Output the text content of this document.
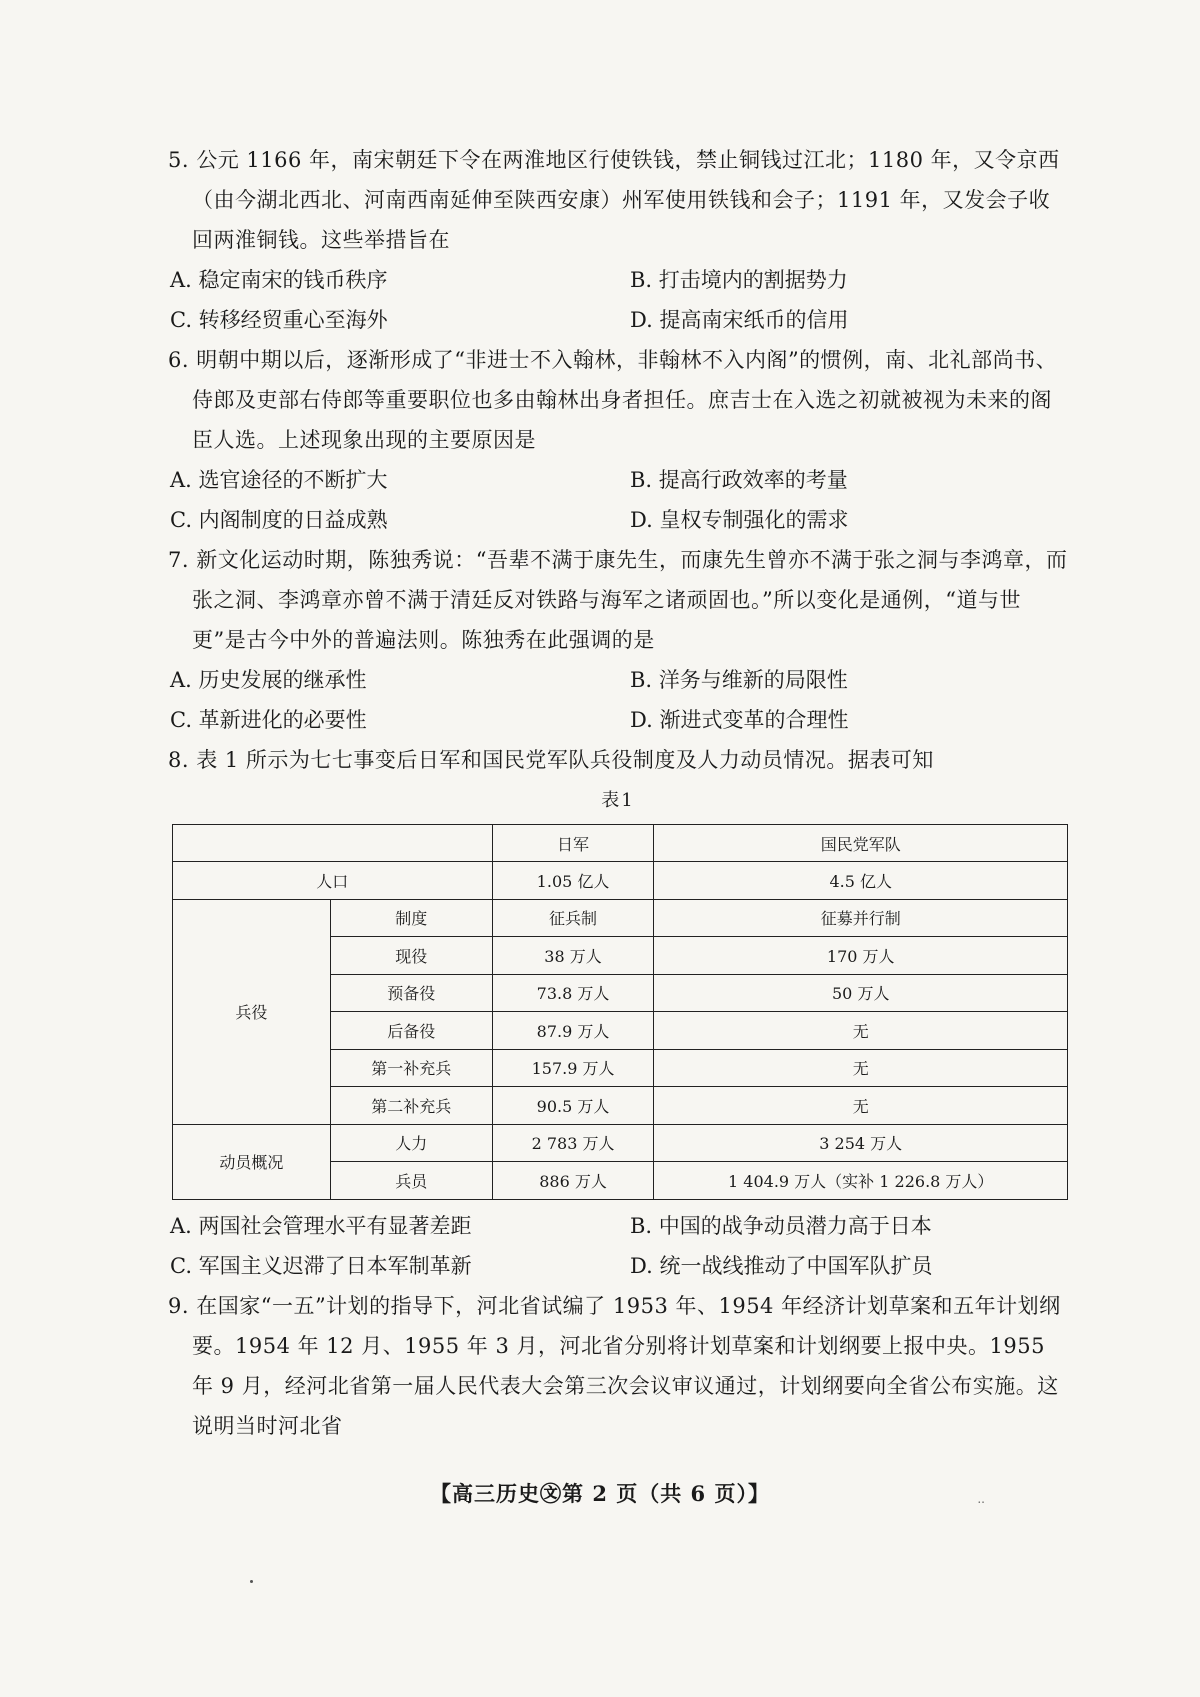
5. 公元 1166 年，南宋朝廷下令在两淮地区行使铁钱，禁止铜钱过江北；1180 年，又令京西（由今湖北西北、河南西南延伸至陕西安康）州军使用铁钱和会子；1191 年，又发会子收回两淮铜钱。这些举措旨在

A. 稳定南宋的钱币秩序	B. 打击境内的割据势力
C. 转移经贸重心至海外	D. 提高南宋纸币的信用

6. 明朝中期以后，逐渐形成了“非进士不入翰林，非翰林不入内阁”的惯例，南、北礼部尚书、侍郎及吏部右侍郎等重要职位也多由翰林出身者担任。庶吉士在入选之初就被视为未来的阁臣人选。上述现象出现的主要原因是

A. 选官途径的不断扩大	B. 提高行政效率的考量
C. 内阁制度的日益成熟	D. 皇权专制强化的需求

7. 新文化运动时期，陈独秀说：“吾辈不满于康先生，而康先生曾亦不满于张之洞与李鸿章，而张之洞、李鸿章亦曾不满于清廷反对铁路与海军之诸顽固也。”所以变化是通例，“道与世更”是古今中外的普遍法则。陈独秀在此强调的是

A. 历史发展的继承性	B. 洋务与维新的局限性
C. 革新进化的必要性	D. 渐进式变革的合理性

8. 表 1 所示为七七事变后日军和国民党军队兵役制度及人力动员情况。据表可知

表1
		日军	国民党军队
人口		1.05 亿人	4.5 亿人
兵役	制度	征兵制	征募并行制
	现役	38 万人	170 万人
	预备役	73.8 万人	50 万人
	后备役	87.9 万人	无
	第一补充兵	157.9 万人	无
	第二补充兵	90.5 万人	无
动员概况	人力	2 783 万人	3 254 万人
	兵员	886 万人	1 404.9 万人（实补 1 226.8 万人）
A. 两国社会管理水平有显著差距	B. 中国的战争动员潜力高于日本
C. 军国主义迟滞了日本军制革新	D. 统一战线推动了中国军队扩员

9. 在国家“一五”计划的指导下，河北省试编了 1953 年、1954 年经济计划草案和五年计划纲要。1954 年 12 月、1955 年 3 月，河北省分别将计划草案和计划纲要上报中央。1955 年 9 月，经河北省第一届人民代表大会第三次会议审议通过，计划纲要向全省公布实施。这说明当时河北省

【高三历史㉆第 2 页（共 6 页）】	..
